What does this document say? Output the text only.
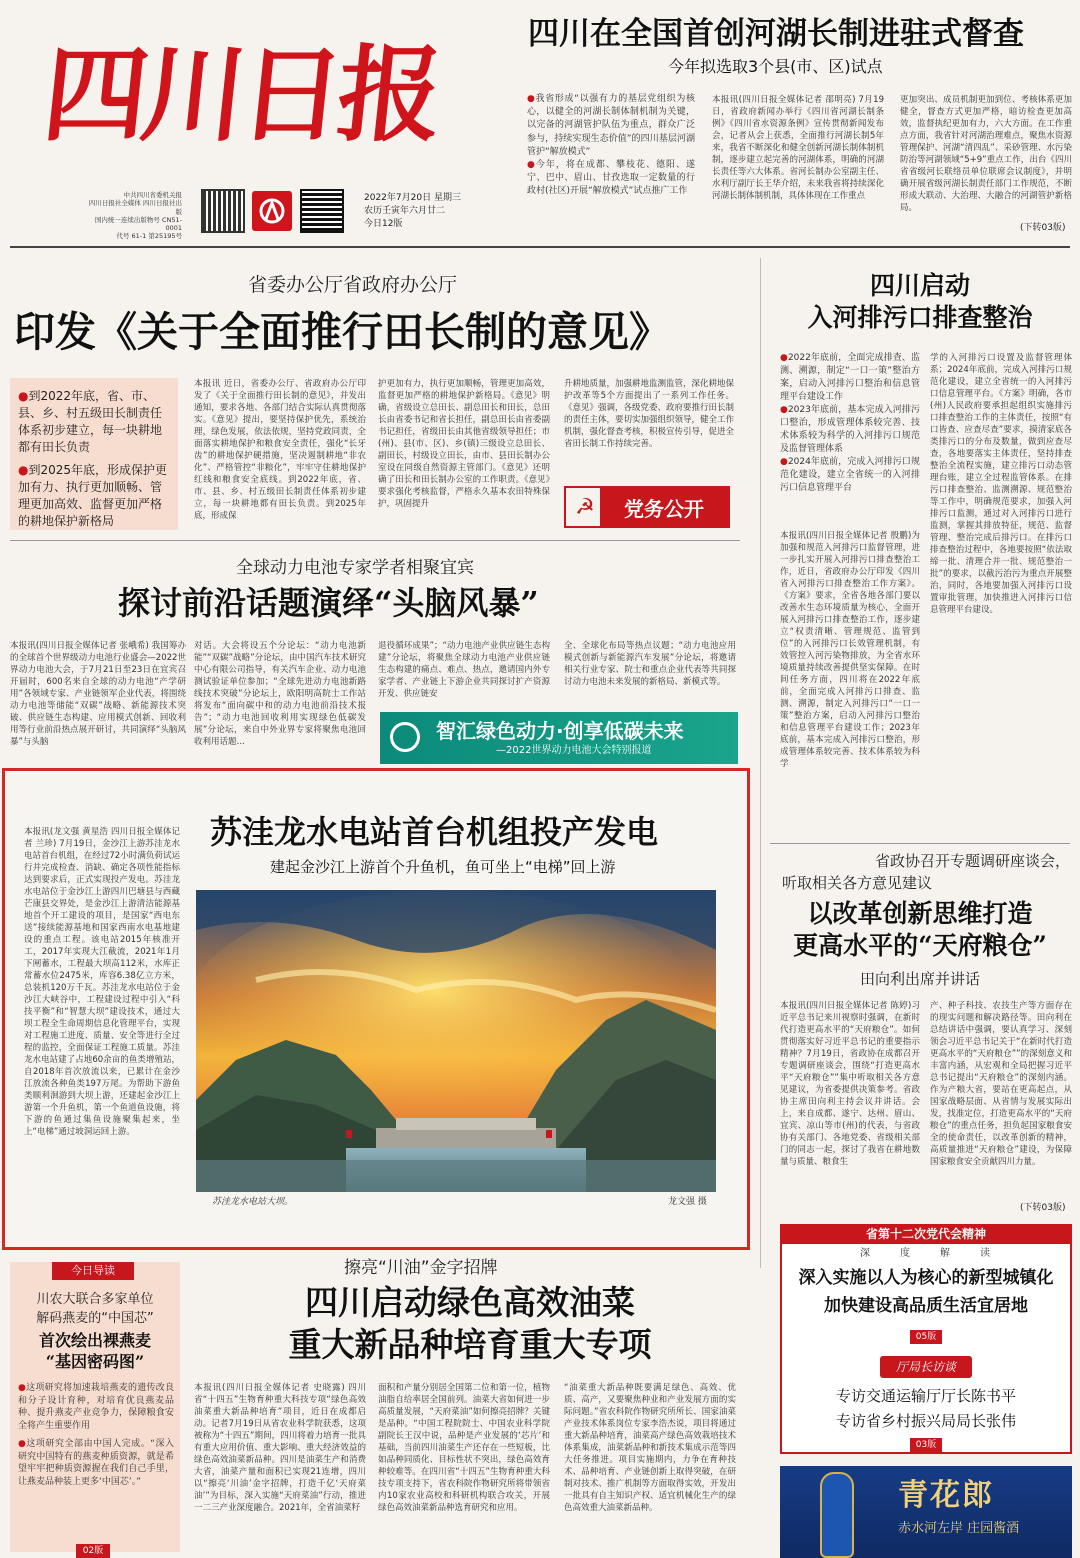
四川日报
中共四川省委机关报
四川日报社全媒体 四川日报社出版
国内统一连续出版物号 CN51-0001
代号 61-1 第25195号
2022年7月20日 星期三
农历壬寅年六月廿二
今日12版
四川在全国首创河湖长制进驻式督查
今年拟选取3个县(市、区)试点
●我省形成“以强有力的基层党组织为核心，以健全的河湖长制体制机制为关键，以完备的河湖管护队伍为重点，群众广泛参与，持续实现生态价值”的四川基层河湖管护“解放模式”
●今年，将在成都、攀枝花、德阳、遂宁、巴中、眉山、甘孜选取一定数量的行政村(社区)开展“解放模式”试点推广工作
本报讯(四川日报全媒体记者 邵明亮) 7月19日，省政府新闻办举行《四川省河湖长制条例》《四川省水资源条例》宣传贯彻新闻发布会，记者从会上获悉，全面推行河湖长制5年来，我省不断深化和健全创新河湖长制体制机制，逐步建立起完善的河湖体系，明确的河湖长责任等六大体系。省河长制办公室副主任、水利厅副厅长王华介绍，未来我省将持续深化河湖长制体制机制，具体体现在工作重点
更加突出、成员机制更加到位、考核体系更加健全，督查方式更加严格，暗访检查更加高效，监督执纪更加有力，六大方面。在工作重点方面，我省针对河湖治理难点，聚焦水资源管理保护、河湖“清四乱”、采砂管理、水污染防治等河湖领域“5+9”重点工作，出台《四川省省级河长联络员单位联席会议制度》，并明确开展省级河湖长制责任部门工作规范，不断形成大联动、大治理、大融合的河湖管护新格局。
(下转03版)
省委办公厅省政府办公厅
印发《关于全面推行田长制的意见》
●到2022年底，省、市、县、乡、村五级田长制责任体系初步建立，每一块耕地都有田长负责
●到2025年底，形成保护更加有力、执行更加顺畅、管理更加高效、监督更加严格的耕地保护新格局
本报讯 近日，省委办公厅、省政府办公厅印发了《关于全面推行田长制的意见》，并发出通知，要求各地、各部门结合实际认真贯彻落实。《意见》提出，要坚持保护优先，系统治理，绿色发展，依法依规，坚持党政同责，全面落实耕地保护和粮食安全责任，强化“长牙齿”的耕地保护硬措施，坚决遏制耕地“非农化”、严格管控“非粮化”，牢牢守住耕地保护红线和粮食安全底线。到2022年底，省、市、县、乡、村五级田长制责任体系初步建立，每一块耕地都有田长负责。到2025年底，形成保
护更加有力，执行更加顺畅，管理更加高效，监督更加严格的耕地保护新格局。《意见》明确，省级设立总田长、副总田长和田长，总田长由省委书记和省长担任，副总田长由省委副书记担任，省级田长由其他省级领导担任；市(州)、县(市、区)、乡(镇)三级设立总田长、副田长，村级设立田长，由市、县田长制办公室设在同级自然资源主管部门。《意见》还明确了田长和田长制办公室的工作职责。《意见》要求强化考核监督，严格永久基本农田特殊保护，巩固提升
升耕地质量，加强耕地监测监管，深化耕地保护改革等5个方面提出了一系列工作任务。《意见》强调，各级党委、政府要推行田长制的责任主体，要切实加强组织领导，健全工作机制，强化督查考核，积极宣传引导，促进全省田长制工作持续完善。
☭	党务公开
四川启动
入河排污口排查整治
●2022年底前，全面完成排查、监测、溯源，制定“一口一策”整治方案，启动入河排污口整治和信息管理平台建设工作
●2023年底前，基本完成入河排污口整治，形成管理体系较完善、技术体系较为科学的入河排污口规范及监督管理体系
●2024年底前，完成入河排污口规范化建设，建立全省统一的入河排污口信息管理平台
本报讯(四川日报全媒体记者 殷鹏)为加强和规范入河排污口监督管理，进一步扎实开展入河排污口排查整治工作，近日，省政府办公厅印发《四川省入河排污口排查整治工作方案》。《方案》要求，全省各地各部门要以改善水生态环境质量为核心，全面开展入河排污口排查整治工作，逐步建立“权责清晰、管理规范、监管到位”的入河排污口长效管理机制，有效管控入河污染物排放，为全省水环境质量持续改善提供坚实保障。在时间任务方面，四川将在2022年底前，全面完成入河排污口排查、监测、溯源，制定入河排污口“一口一策”整治方案，启动入河排污口整治和信息管理平台建设工作；2023年底前，基本完成入河排污口整治，形成管理体系较完善、技术体系较为科学
学的入河排污口设置及监督管理体系；2024年底前，完成入河排污口规范化建设，建立全省统一的入河排污口信息管理平台。《方案》明确，各市(州)人民政府要承担起组织实施排污口排查整治工作的主体责任，按照“有口皆查、应查尽查”要求，摸清家底各类排污口的分布及数量，做到应查尽查，各地要落实主体责任，坚持排查整治全流程实施，建立排污口动态管理台账，建立全过程监管体系。在排污口排查整治、监测溯源、规范整治等工作中，明确规范要求，加强入河排污口监测，通过对入河排污口进行监测，掌握其排放特征，规范、监督管理、整治完成后排污口。在排污口排查整治过程中，各地要按照“依法取缔一批、清理合并一批、规范整治一批”的要求，以截污治污为重点开展整治，同时，各地要加强入河排污口设置审批管理，加快推进入河排污口信息管理平台建设。
省政协召开专题调研座谈会，
听取相关各方意见建议
以改革创新思维打造
更高水平的“天府粮仓”
田向利出席并讲话
本报讯(四川日报全媒体记者 陈婷)习近平总书记来川视察时强调，在新时代打造更高水平的“天府粮仓”。如何贯彻落实好习近平总书记的重要指示精神？7月19日，省政协在成都召开专题调研座谈会，围绕“打造更高水平“天府粮仓””集中听取相关各方意见建议，为省委提供决策参考。省政协主席田向利主持会议并讲话。会上，来自成都、遂宁、达州、眉山、宜宾、凉山等市(州)的代表，与省政协有关部门、各地党委、省级相关部门的同志一起，探讨了我省在耕地数量与质量、粮食生
产、种子科技、农技生产等方面存在的现实问题和解决路径等。田向利在总结讲话中强调，要认真学习、深刻领会习近平总书记关于“在新时代打造更高水平的“天府粮仓””的深刻意义和丰富内涵，从宏观和全局把握习近平总书记提出“天府粮仓”的深刻内涵。作为产粮大省，要站在更高起点，从国家战略层面、从省情与发展实际出发，找准定位，打造更高水平的“天府粮仓”的重点任务，担负起国家粮食安全的使命责任，以改革创新的精神，高质量推进“天府粮仓”建设，为保障国家粮食安全贡献四川力量。
(下转03版)
全球动力电池专家学者相聚宜宾
探讨前沿话题演绎“头脑风暴”
本报讯(四川日报全媒体记者 张峨希) 我国筹办的全球首个世界级动力电池行业盛会—2022世界动力电池大会，于7月21日至23日在宜宾召开届时，600名来自全球的动力电池“产学研用”各领域专家、产业链领军企业代表，将围绕动力电池等储能“双碳”战略、新能源技术突破、供应链生态构建、应用模式创新、回收利用等行业前沿热点展开研讨，共同演绎“头脑风暴”与头脑
对话。大会将设五个分论坛：“动力电池新能”“双碳”战略”分论坛，由中国汽车技术研究中心有限公司指导，有关汽车企业、动力电池测试验证单位参加；“全球先进动力电池新路线技术突破”分论坛上，欧阳明高院士工作站将发布“面向碳中和的动力电池前沿技术报告”；“动力电池回收利用实现绿色低碳发展”分论坛，来自中外业界专家将聚焦电池回收利用话题…
退役循环成果”；“动力电池产业供应链生态构建”分论坛，将聚焦全球动力电池产业供应链生态构建的痛点、难点、热点，邀请国内外专家学者、产业链上下游企业共同探讨扩产资源开发、供应链安
全、全球化布局等热点议题；“动力电池应用模式创新与新能源汽车发展”分论坛，将邀请相关行业专家、院士和重点企业代表等共同探讨动力电池未来发展的新格局、新模式等。
智汇绿色动力·创享低碳未来
—2022世界动力电池大会特别报道
苏洼龙水电站首台机组投产发电
建起金沙江上游首个升鱼机，鱼可坐上“电梯”回上游
本报讯(龙文强 黄星浩 四川日报全媒体记者 兰珍) 7月19日，金沙江上游苏洼龙水电站首台机组，在经过72小时满负荷试运行并完成检查、消缺、确定各项性能指标达到要求后，正式实现投产发电。苏洼龙水电站位于金沙江上游四川巴塘县与西藏芒康县交界处，是金沙江上游清洁能源基地首个开工建设的项目，是国家“西电东送”接续能源基地和国家西南水电基地建设的重点工程。该电站2015年核准开工，2017年实现大江截流，2021年1月下闸蓄水，工程最大坝高112米，水库正常蓄水位2475米，库容6.38亿立方米，总装机120万千瓦。苏洼龙水电站位于金沙江大峡谷中，工程建设过程中引入“科技平衡”和“智慧大坝”建设技术，通过大坝工程全生命周期信息化管理平台，实现对工程施工进度、质量、安全等进行全过程的监控，全面保证工程施工质量。苏洼龙水电站建了占地60余亩的鱼类增殖站，自2018年首次放流以来，已累计在金沙江放流各种鱼类197万尾。为帮助下游鱼类顺利洄游到大坝上游，还建起金沙江上游第一个升鱼机，第一个鱼道鱼设施，将下游的鱼通过集鱼设施聚集起来，坐上“电梯”通过坡洞运回上游。
苏洼龙水电站大坝。	龙文强 摄
今日导读
川农大联合多家单位
解码燕麦的“中国芯”
首次绘出裸燕麦
“基因密码图”
●这项研究将加速栽培燕麦的遗传改良和分子设计育种，对培育优良燕麦品种、提升燕麦产业竞争力，保障粮食安全将产生重要作用
●这项研究全部由中国人完成。“深入研究中国特有的燕麦种质资源，就是希望牢牢把种质资源握在我们自己手里，让燕麦品种装上更多‘中国芯’。”
02版
擦亮“川油”金字招牌
四川启动绿色高效油菜
重大新品种培育重大专项
本报讯(四川日报全媒体记者 史晓露) 四川省“十四五”生物育种重大科技专项“绿色高效油菜重大新品种培育”项目，近日在成都启动。记者7月19日从省农业科学院获悉，这项被称为“十四五”期间，四川将着力培育一批具有重大应用价值、重大影响、重大经济效益的绿色高效油菜新品种。四川是油菜生产和消费大省，油菜产量和面积已实现21连增，四川以“擦亮‘川油’金字招牌，打造千亿‘天府菜油’”为目标，深入实施“天府菜油”行动，推进一二三产业深度融合。2021年，全省油菜籽
面积和产量分别居全国第二位和第一位，植物油脂自给率居全国前列。油菜大省如何进一步高质量发展，“天府菜油”如何擦亮招牌？关键是品种。“中国工程院院士、中国农业科学院副院长王汉中说，品种是产业发展的‘芯片’和基础，当前四川油菜生产还存在一些短板，比如品种同质化、目标性状不突出，绿色高效育种较难等。在四川省“十四五”生物育种重大科技专项支持下，省农科院作物研究所将带领省内10家农业高校和科研机构联合攻关，开展绿色高效油菜新品种选育研究和应用。
“油菜重大新品种既要满足绿色、高效、优质、高产，又要聚焦种业和产业发展方面的实际问题。”省农科院作物研究所所长、国家油菜产业技术体系岗位专家李浩杰说，项目将通过重大新品种培育，油菜高产绿色高效栽培技术体系集成，油菜新品种和新技术集成示范等四大任务推进。项目实施期内，力争在育种技术、品种培育、产业链创新上取得突破，在研制对技术、推广机制等方面取得实效，开发出一批具有自主知识产权、适宜机械化生产的绿色高效重大油菜新品种。
省第十二次党代会精神
深	度	解	读
深入实施以人为核心的新型城镇化
加快建设高品质生活宜居地
05版
厅局长访谈
专访交通运输厅厅长陈书平
专访省乡村振兴局局长张伟
03版
青花郎
赤水河左岸 庄园酱酒
